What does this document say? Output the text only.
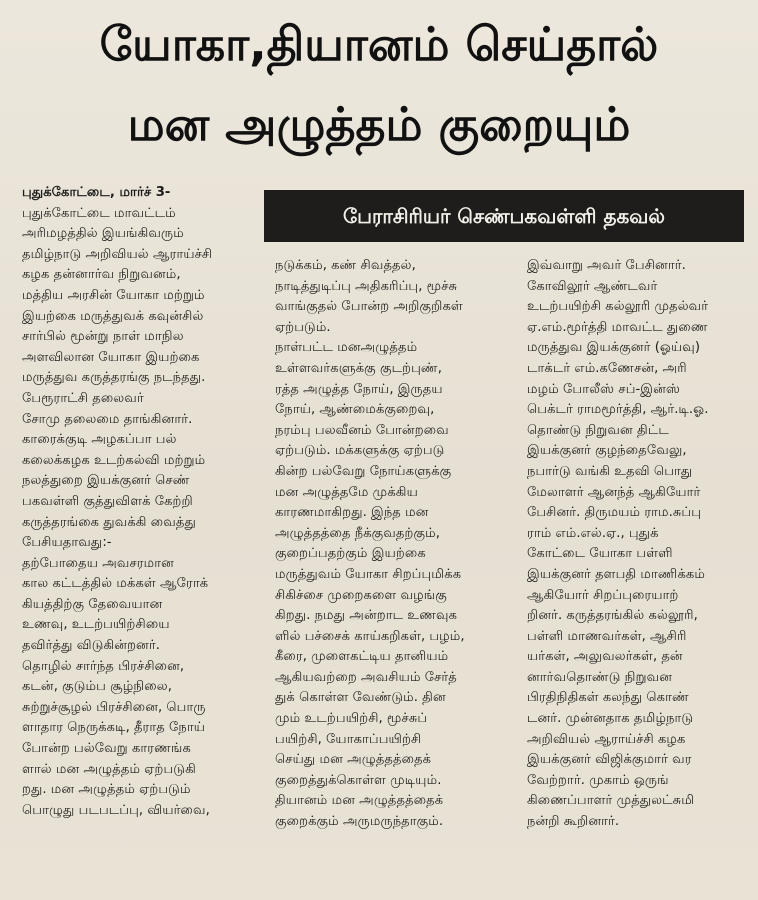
யோகா,தியானம் செய்தால்
மன அழுத்தம் குறையும்
பேராசிரியர் செண்பகவள்ளி தகவல்
புதுக்கோட்டை, மார்ச் 3-
புதுக்கோட்டை மாவட்டம்
அரிமழத்தில் இயங்கிவரும்
தமிழ்நாடு அறிவியல் ஆராய்ச்சி
கழக தன்னார்வ நிறுவனம்,
மத்திய அரசின் யோகா மற்றும்
இயற்கை மருத்துவக் கவுன்சில்
சார்பில் மூன்று நாள் மாநில
அளவிலான யோகா இயற்கை
மருத்துவ கருத்தரங்கு நடந்தது.
பேரூராட்சி தலைவர்
சோமு தலைமை தாங்கினார்.
காரைக்குடி அழகப்பா பல்
கலைக்கழக உடற்கல்வி மற்றும்
நலத்துறை இயக்குனர் செண்
பகவள்ளி குத்துவிளக் கேற்றி
கருத்தரங்கை துவக்கி வைத்து
பேசியதாவது:-
தற்போதைய அவசரமான
கால கட்டத்தில் மக்கள் ஆரோக்
கியத்திற்கு தேவையான
உணவு, உடற்பயிற்சியை
தவிர்த்து விடுகின்றனர்.
தொழில் சார்ந்த பிரச்சினை,
கடன், குடும்ப சூழ்நிலை,
சுற்றுச்சூழல் பிரச்சினை, பொரு
ளாதார நெருக்கடி, தீராத நோய்
போன்ற பல்வேறு காரணங்க
ளால் மன அழுத்தம் ஏற்படுகி
றது. மன அழுத்தம் ஏற்படும்
பொழுது படபடப்பு, வியர்வை,
நடுக்கம், கண் சிவத்தல்,
நாடித்துடிப்பு அதிகரிப்பு, மூச்சு
வாங்குதல் போன்ற அறிகுறிகள்
ஏற்படும்.
நாள்பட்ட மனஅழுத்தம்
உள்ளவர்களுக்கு குடற்புண்,
ரத்த அழுத்த நோய், இருதய
நோய், ஆண்மைக்குறைவு,
நரம்பு பலவீனம் போன்றவை
ஏற்படும். மக்களுக்கு ஏற்படு
கின்ற பல்வேறு நோய்களுக்கு
மன அழுத்தமே முக்கிய
காரணமாகிறது. இந்த மன
அழுத்தத்தை நீக்குவதற்கும்,
குறைப்பதற்கும் இயற்கை
மருத்துவம் யோகா சிறப்புமிக்க
சிகிச்சை முறைகளை வழங்கு
கிறது. நமது அன்றாட உணவுக
ளில் பச்சைக் காய்கறிகள், பழம்,
கீரை, முளைகட்டிய தானியம்
ஆகியவற்றை அவசியம் சேர்த்
துக் கொள்ள வேண்டும். தின
மும் உடற்பயிற்சி, மூச்சுப்
பயிற்சி, யோகாப்பயிற்சி
செய்து மன அழுத்தத்தைக்
குறைத்துக்கொள்ள முடியும்.
தியானம் மன அழுத்தத்தைக்
குறைக்கும் அருமருந்தாகும்.
இவ்வாறு அவர் பேசினார்.
கோவிலூர் ஆண்டவர்
உடற்பயிற்சி கல்லூரி முதல்வர்
ஏ.எம்.மூர்த்தி மாவட்ட துணை
மருத்துவ இயக்குனர் (ஓய்வு)
டாக்டர் எம்.கணேசன், அரி
மழம் போலீஸ் சப்-இன்ஸ்
பெக்டர் ராமமூர்த்தி, ஆர்.டி.ஓ.
தொண்டு நிறுவன திட்ட
இயக்குனர் குழந்தைவேலு,
நபார்டு வங்கி உதவி பொது
மேலாளர் ஆனந்த் ஆகியோர்
பேசினர். திருமயம் ராம.சுப்பு
ராம் எம்.எல்.ஏ., புதுக்
கோட்டை யோகா பள்ளி
இயக்குனர் தளபதி மாணிக்கம்
ஆகியோர் சிறப்புரையாற்
றினர். கருத்தரங்கில் கல்லூரி,
பள்ளி மாணவர்கள், ஆசிரி
யர்கள், அலுவலர்கள், தன்
னார்வதொண்டு நிறுவன
பிரதிநிதிகள் கலந்து கொண்
டனர். முன்னதாக தமிழ்நாடு
அறிவியல் ஆராய்ச்சி கழக
இயக்குனர் விஜிக்குமார் வர
வேற்றார். முகாம் ஒருங்
கிணைப்பாளர் முத்துலட்சுமி
நன்றி கூறினார்.
